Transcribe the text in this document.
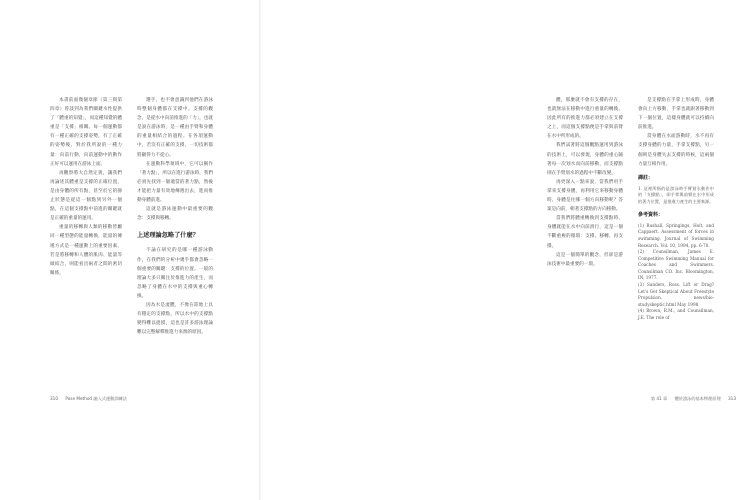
本書前面幾個章節（第三與第四章）曾談到為我們關鍵水性提供了「體重的知覺」，而這種知覺的體重是「支撐」相關。每一個運動都有一種正確的支撐姿勢，有了正確的姿勢後，對於我所說的一種力量：向前行動，向前運動中的動作正好可以運用在游泳上面。

再觀察將大自然定義，讓我們再論述其體重是支撐的正確位置，是由身體的所有點，甚至於它的靜止狀態是從這一個點到另外一個點，在這個支撐點中前進的關鍵就是正確的重量的運用。

重量的移轉與人類的移動皆屬同一種型態的能量轉換，能量的傳遞方式是一種運動上的重要因素，若是將移轉和人體的肌肉、能量等做結合，則能看出兩者之間的密切關係。

選手，也不會意識到他們在游泳時整個身體都在支撐中。支撐的觀念，是從水中向前推進的「力」，也就是說在游泳時，是一種由手臂和身體的重量相結合的過程。在各項運動中，若沒有正確的支撐，一切技術都將顯得力不從心。

在運動科學領域中，它可以稱作「著力點」，所以在進行游泳時，我們必須先找到一個適當的著力點，然後才能把力量有效地傳遞出去，進而推動身體前進。

這就是游泳運動中最重要的觀念：支撐與移轉。

上述理論忽略了什麼？

不論在研究的是哪一種游泳動作，在我們的分析中幾乎都會忽略一個重要的關鍵：支撐的位置。一般的理論大多只關注於推進力的產生，而忽略了身體在水中的支撐與重心轉換。

因為水是流體，不像在陸地上具有穩定的支撐點，所以水中的支撐點變得難以捉摸，這也是許多游泳理論難以完整解釋推進力來源的原因。

310 Pose Method 融入式運動訓練法

體，那麼就不會有支撐的存在，也就無法在移動中進行重量的轉換。因此所有的推進力都必須建立在支撐之上，而這個支撐點便是手掌與前臂在水中所形成的。

我們試著將這個觀點運用到游泳的技術上，可以發現，身體的重心隨著每一次划水而向前移動，而支撐點則在手臂划水的過程中不斷改變。

再更深入一點來說，當我們用手掌來支撐身體，再利用它來移動身體時，身體是往哪一個方向移動呢？答案是向前，朝著支撐點的方向移動。

當我們將體重轉換到支撐點時，身體就能在水中向前滑行，這是一個不斷重複的循環：支撐、移轉、再支撐。

這是一個簡單的觀念，但卻是游泳技術中最重要的一環。

是支撐點在手掌上形成時，身體會向上方移動，手掌也就跟著移動到下一個位置，這樣身體就可以持續向前推進。

當身體在水面游動時，水不再有支撐身體的力量，手掌支撐點，另一個則是身體失去支撐的時候，這兩個力量互相作用。

譯註：
1. 這裡所指的是游泳時手臂划水動作中的「支撐點」，即手掌與前臂在水中形成的著力位置，是推進力產生的主要來源。
參考資料：
(1) Rushall, Springings, Holt, and Cappaert. Assessment of forces in swimming. Journal of Swimming Research. Vol. 10, 1994, pp. 6-70.
(2) Counsilman, James E. Competitive Swimming Manual for Coaches and Swimmers. Counsilman CO. Inc. Bloomington, IN, 1977.
(3) Sanders, Ross. Lift or Drag? Let's Get Skeptical About Freestyle Propulsion. news/bio-studyskeptic.html May 1998.
(4) Brown, R.M., and Counsilman, J.E. The role of
第 41 章 體於游泳的基本物理原理 313
